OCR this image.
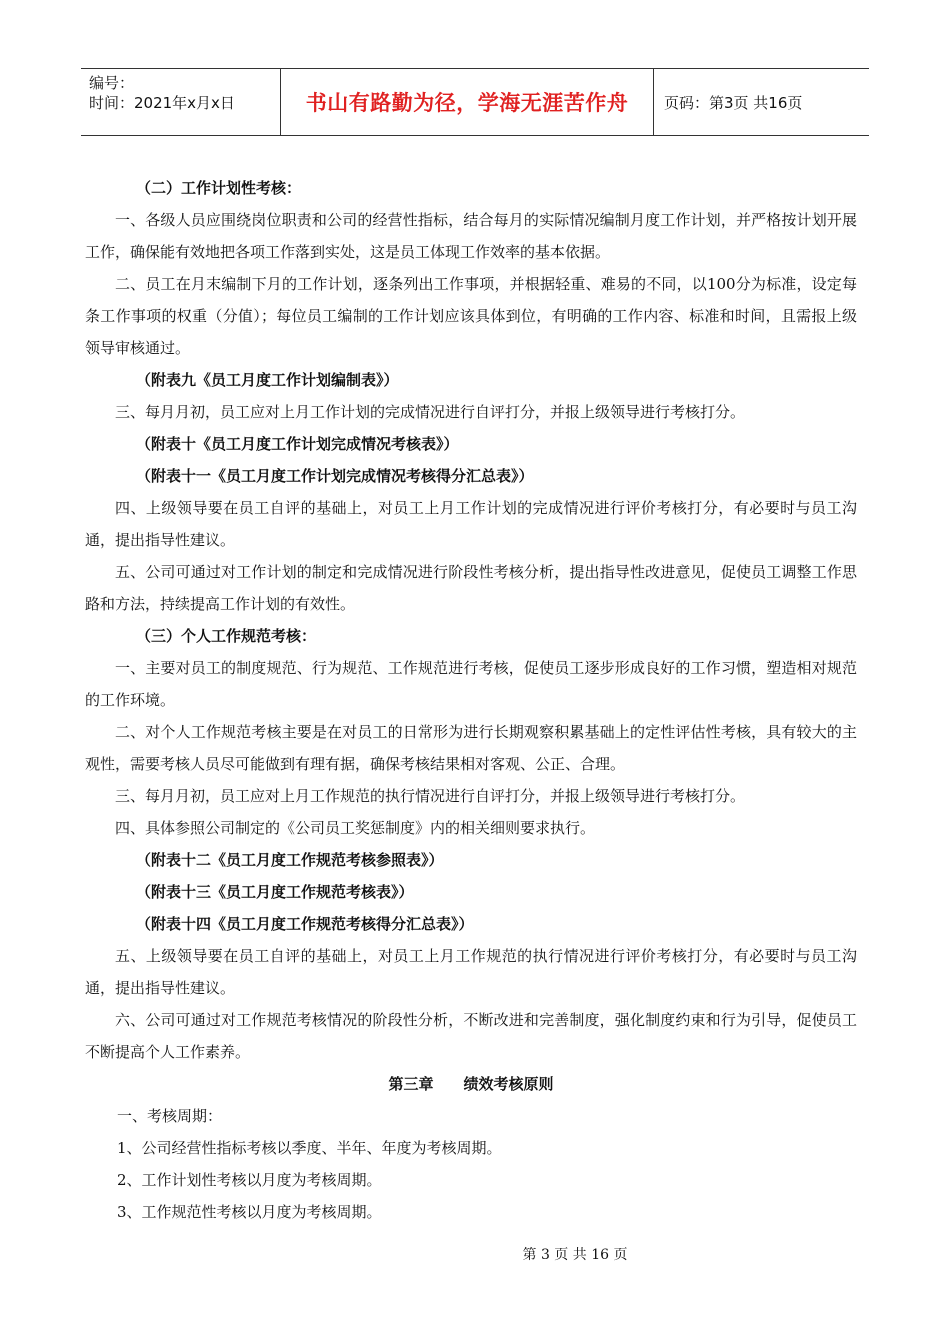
编号：
时间：2021年x月x日	书山有路勤为径，学海无涯苦作舟 页码：第3页 共16页

（二）工作计划性考核：

一、各级人员应围绕岗位职责和公司的经营性指标，结合每月的实际情况编制月度工作计划，并严格按计划开展工作，确保能有效地把各项工作落到实处，这是员工体现工作效率的基本依据。

二、员工在月末编制下月的工作计划，逐条列出工作事项，并根据轻重、难易的不同，以100分为标准，设定每条工作事项的权重（分值）；每位员工编制的工作计划应该具体到位，有明确的工作内容、标准和时间，且需报上级领导审核通过。

（附表九《员工月度工作计划编制表》）

三、每月月初，员工应对上月工作计划的完成情况进行自评打分，并报上级领导进行考核打分。

（附表十《员工月度工作计划完成情况考核表》）

（附表十一《员工月度工作计划完成情况考核得分汇总表》）

四、上级领导要在员工自评的基础上，对员工上月工作计划的完成情况进行评价考核打分，有必要时与员工沟通，提出指导性建议。

五、公司可通过对工作计划的制定和完成情况进行阶段性考核分析，提出指导性改进意见，促使员工调整工作思路和方法，持续提高工作计划的有效性。

（三）个人工作规范考核：

一、主要对员工的制度规范、行为规范、工作规范进行考核，促使员工逐步形成良好的工作习惯，塑造相对规范的工作环境。

二、对个人工作规范考核主要是在对员工的日常形为进行长期观察积累基础上的定性评估性考核，具有较大的主观性，需要考核人员尽可能做到有理有据，确保考核结果相对客观、公正、合理。

三、每月月初，员工应对上月工作规范的执行情况进行自评打分，并报上级领导进行考核打分。

四、具体参照公司制定的《公司员工奖惩制度》内的相关细则要求执行。

（附表十二《员工月度工作规范考核参照表》）

（附表十三《员工月度工作规范考核表》）

（附表十四《员工月度工作规范考核得分汇总表》）

五、上级领导要在员工自评的基础上，对员工上月工作规范的执行情况进行评价考核打分，有必要时与员工沟通，提出指导性建议。

六、公司可通过对工作规范考核情况的阶段性分析，不断改进和完善制度，强化制度约束和行为引导，促使员工不断提高个人工作素养。

第三章 绩效考核原则

一、考核周期：

1、公司经营性指标考核以季度、半年、年度为考核周期。

2、工作计划性考核以月度为考核周期。

3、工作规范性考核以月度为考核周期。

第 3 页 共 16 页
